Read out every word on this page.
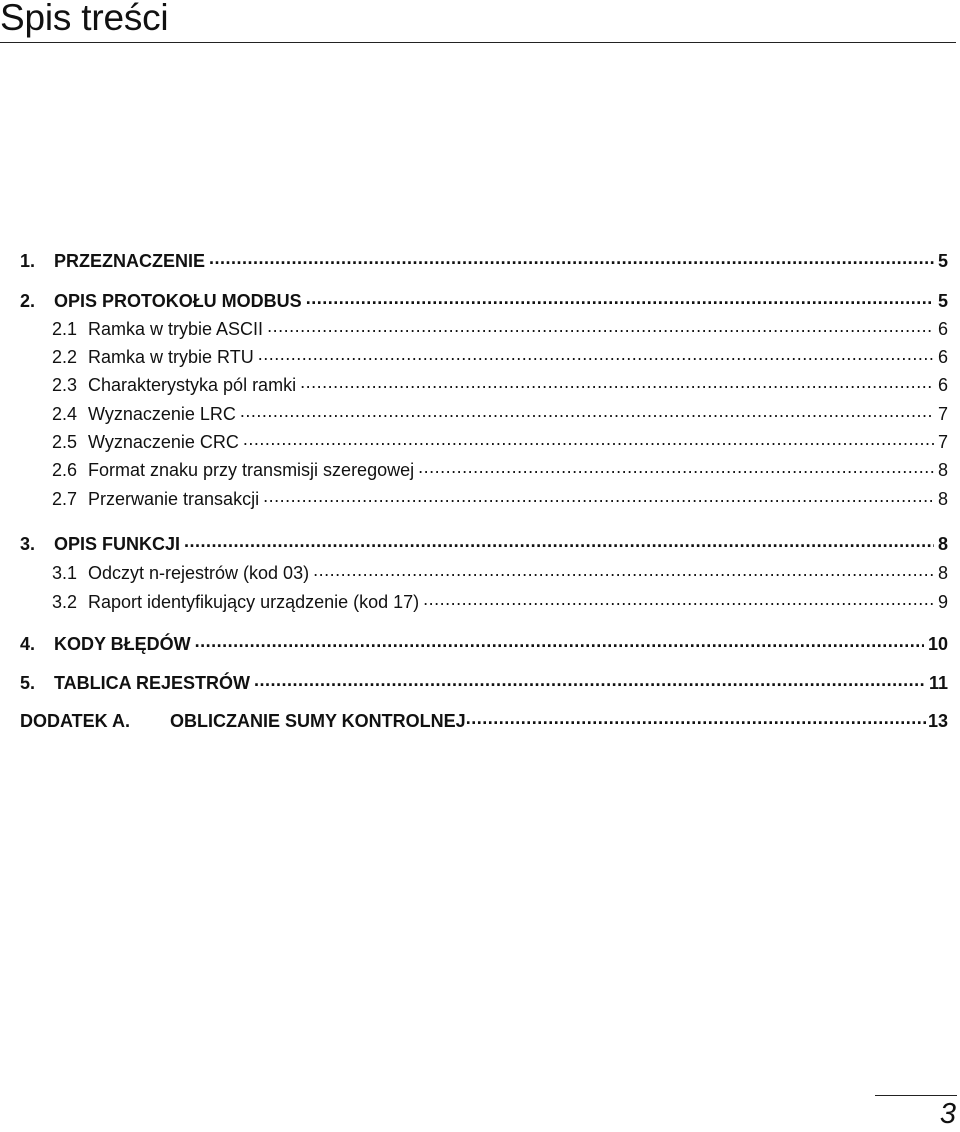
Spis treści
1.	PRZEZNACZENIE .....	5
2.	OPIS PROTOKOŁU MODBUS .....	5
2.1 Ramka w trybie ASCII .....	6
2.2 Ramka w trybie RTU .....	6
2.3 Charakterystyka pól ramki .....	6
2.4 Wyznaczenie LRC .....	7
2.5 Wyznaczenie CRC .....	7
2.6 Format znaku przy transmisji szeregowej .....	8
2.7 Przerwanie transakcji .....	8
3.	OPIS FUNKCJI .....	8
3.1 Odczyt n-rejestrów (kod 03) .....	8
3.2 Raport identyfikujący urządzenie (kod 17) .....	9
4.	KODY BŁĘDÓW .....	10
5.	TABLICA REJESTRÓW .....	11
DODATEK A.	OBLICZANIE SUMY KONTROLNEJ .....	13
3
